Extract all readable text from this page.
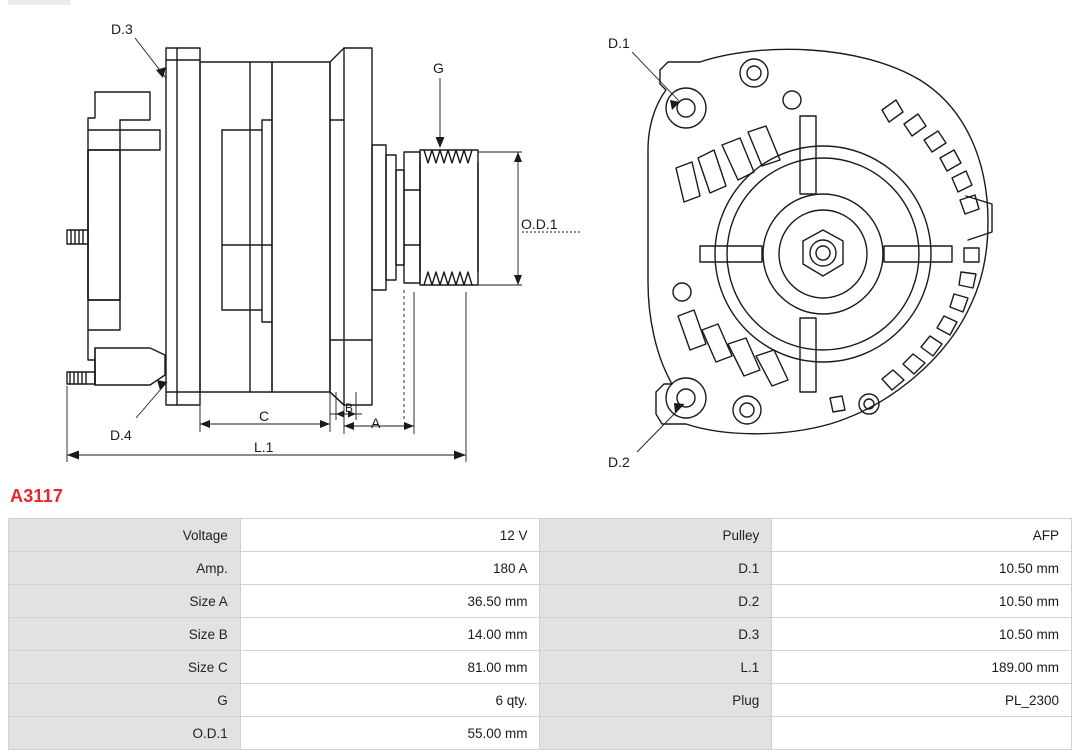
D.3
D.4
G
O.D.1
C	B
A
L.1
D.1
D.2
A3117
Voltage	12 V	Pulley	AFP
Amp.	180 A	D.1	10.50 mm
Size A	36.50 mm	D.2	10.50 mm
Size B	14.00 mm	D.3	10.50 mm
Size C	81.00 mm	L.1	189.00 mm
G	6 qty.	Plug	PL_2300
O.D.1	55.00 mm		
